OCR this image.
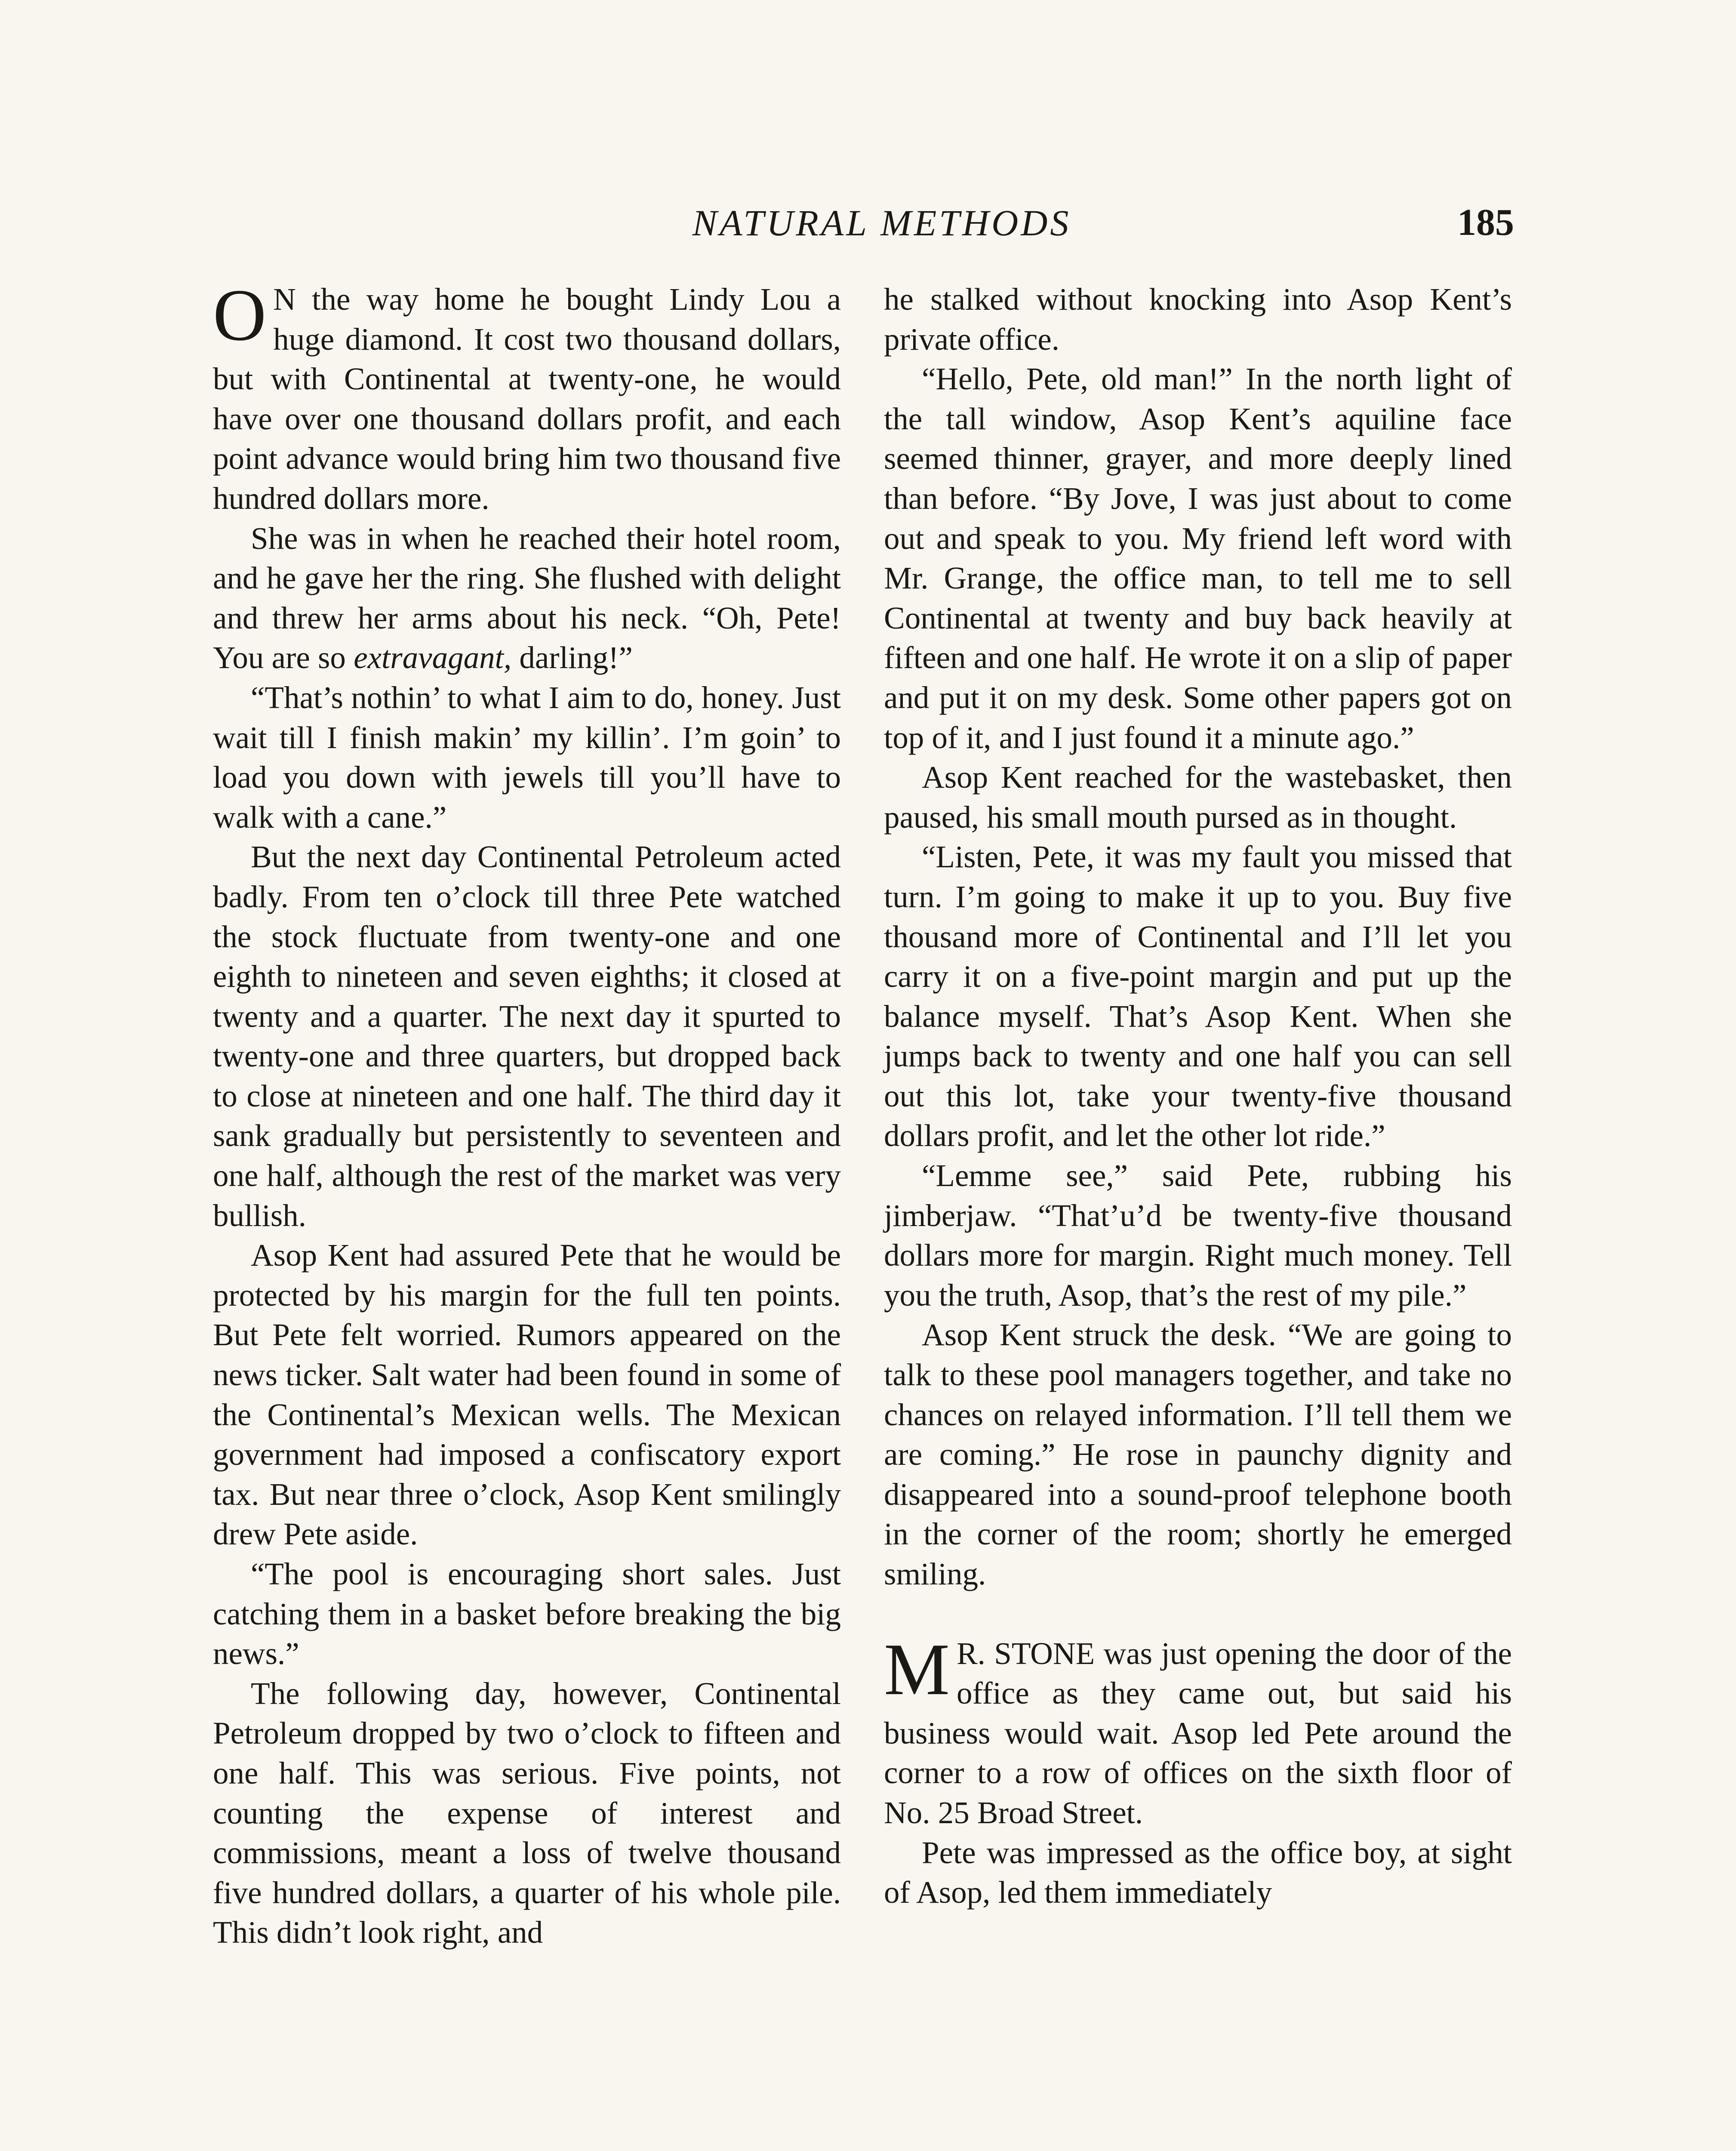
NATURAL METHODS	185

O N the way home he bought Lindy Lou a huge diamond. It cost two thousand dollars, but with Continental at twenty-one, he would have over one thousand dollars profit, and each point advance would bring him two thousand five hundred dollars more.

She was in when he reached their hotel room, and he gave her the ring. She flushed with delight and threw her arms about his neck. “Oh, Pete! You are so extravagant, darling!”

“That’s nothin’ to what I aim to do, honey. Just wait till I finish makin’ my killin’. I’m goin’ to load you down with jewels till you’ll have to walk with a cane.”

But the next day Continental Petroleum acted badly. From ten o’clock till three Pete watched the stock fluctuate from twenty-one and one eighth to nineteen and seven eighths; it closed at twenty and a quarter. The next day it spurted to twenty-one and three quarters, but dropped back to close at nineteen and one half. The third day it sank gradually but persistently to seventeen and one half, although the rest of the market was very bullish.

Asop Kent had assured Pete that he would be protected by his margin for the full ten points. But Pete felt worried. Rumors appeared on the news ticker. Salt water had been found in some of the Continental’s Mexican wells. The Mexican government had imposed a confiscatory export tax. But near three o’clock, Asop Kent smilingly drew Pete aside.

“The pool is encouraging short sales. Just catching them in a basket before breaking the big news.”

The following day, however, Continental Petroleum dropped by two o’clock to fifteen and one half. This was serious. Five points, not counting the expense of interest and commissions, meant a loss of twelve thousand five hundred dollars, a quarter of his whole pile. This didn’t look right, and

he stalked without knocking into Asop Kent’s private office.

“Hello, Pete, old man!” In the north light of the tall window, Asop Kent’s aquiline face seemed thinner, grayer, and more deeply lined than before. “By Jove, I was just about to come out and speak to you. My friend left word with Mr. Grange, the office man, to tell me to sell Continental at twenty and buy back heavily at fifteen and one half. He wrote it on a slip of paper and put it on my desk. Some other papers got on top of it, and I just found it a minute ago.”

Asop Kent reached for the wastebasket, then paused, his small mouth pursed as in thought.

“Listen, Pete, it was my fault you missed that turn. I’m going to make it up to you. Buy five thousand more of Continental and I’ll let you carry it on a five-point margin and put up the balance myself. That’s Asop Kent. When she jumps back to twenty and one half you can sell out this lot, take your twenty-five thousand dollars profit, and let the other lot ride.”

“Lemme see,” said Pete, rubbing his jimberjaw. “That’u’d be twenty-five thousand dollars more for margin. Right much money. Tell you the truth, Asop, that’s the rest of my pile.”

Asop Kent struck the desk. “We are going to talk to these pool managers together, and take no chances on relayed information. I’ll tell them we are coming.” He rose in paunchy dignity and disappeared into a sound-proof telephone booth in the corner of the room; shortly he emerged smiling.

M R. STONE was just opening the door of the office as they came out, but said his business would wait. Asop led Pete around the corner to a row of offices on the sixth floor of No. 25 Broad Street.

Pete was impressed as the office boy, at sight of Asop, led them immediately
